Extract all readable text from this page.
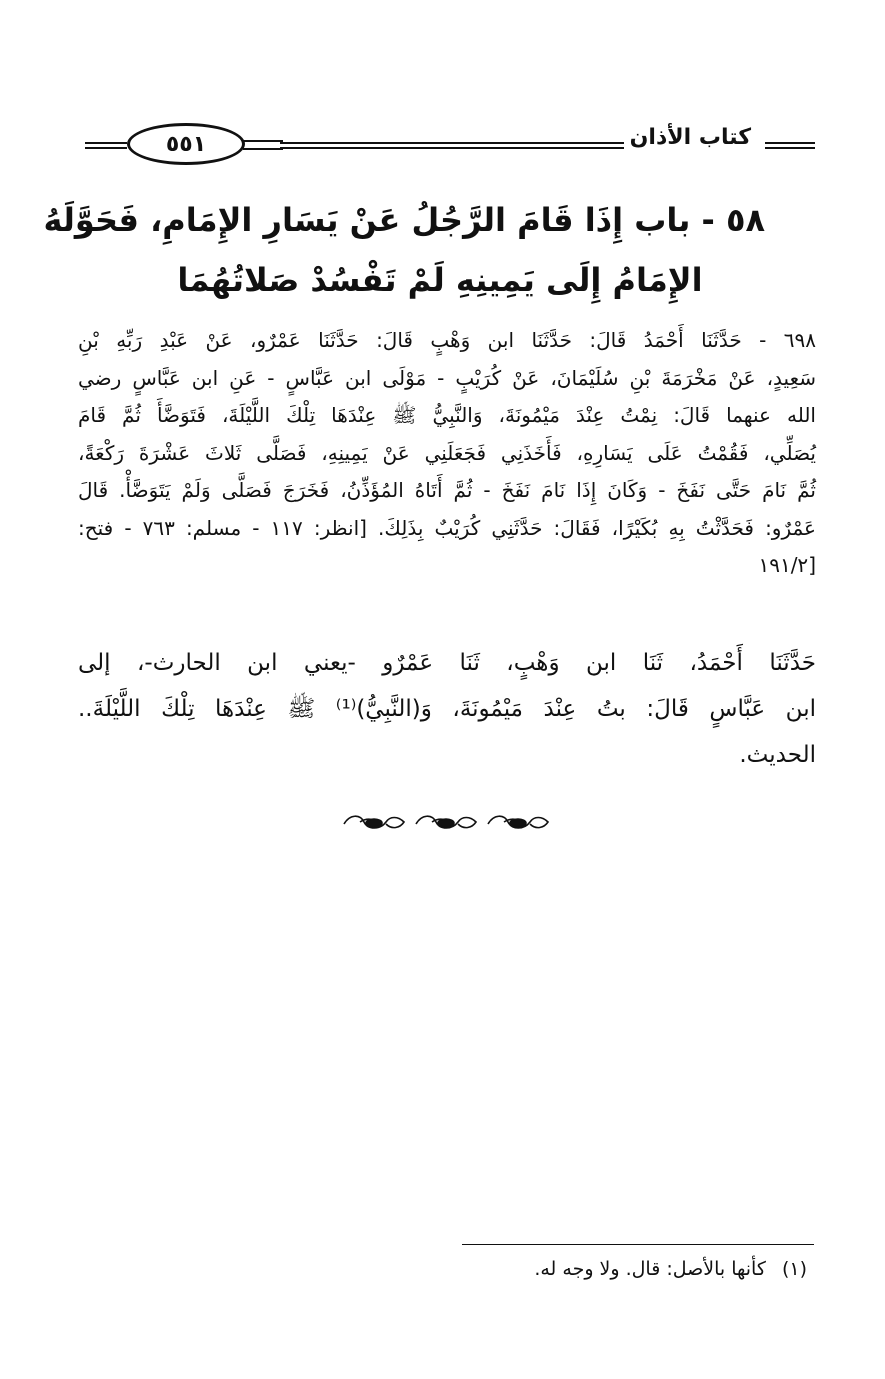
٥٥١	كتاب الأذان
٥٨ - باب إِذَا قَامَ الرَّجُلُ عَنْ يَسَارِ الإِمَامِ، فَحَوَّلَهُ
الإِمَامُ إِلَى يَمِينِهِ لَمْ تَفْسُدْ صَلاتُهُمَا
٦٩٨ - حَدَّثَنَا أَحْمَدُ قَالَ: حَدَّثَنَا ابن وَهْبٍ قَالَ: حَدَّثَنَا عَمْرٌو، عَنْ عَبْدِ رَبِّهِ بْنِ
سَعِيدٍ، عَنْ مَخْرَمَةَ بْنِ سُلَيْمَانَ، عَنْ كُرَيْبٍ - مَوْلَى ابن عَبَّاسٍ - عَنِ ابن عَبَّاسٍ رضي
الله عنهما قَالَ: نِمْتُ عِنْدَ مَيْمُونَةَ، وَالنَّبِيُّ ﷺ عِنْدَهَا تِلْكَ اللَّيْلَةَ، فَتَوَضَّأَ ثُمَّ قَامَ
يُصَلِّي، فَقُمْتُ عَلَى يَسَارِهِ، فَأَخَذَنِي فَجَعَلَنِي عَنْ يَمِينِهِ، فَصَلَّى ثَلاثَ عَشْرَةَ رَكْعَةً،
ثُمَّ نَامَ حَتَّى نَفَخَ - وَكَانَ إِذَا نَامَ نَفَخَ - ثُمَّ أَتَاهُ المُؤَذِّنُ، فَخَرَجَ فَصَلَّى وَلَمْ يَتَوَضَّأْ. قَالَ
عَمْرٌو: فَحَدَّثْتُ بِهِ بُكَيْرًا، فَقَالَ: حَدَّثَنِي كُرَيْبٌ بِذَلِكَ. [انظر: ١١٧ - مسلم: ٧٦٣ - فتح:
[١٩١/٢
حَدَّثَنَا أَحْمَدُ، ثَنَا ابن وَهْبٍ، ثَنَا عَمْرٌو -يعني ابن الحارث-، إلى
ابن عَبَّاسٍ قَالَ: بتُ عِنْدَ مَيْمُونَةَ، وَ(النَّبِيُّ)⁽¹⁾ ﷺ عِنْدَهَا تِلْكَ اللَّيْلَةَ..
الحديث.
(١) كأنها بالأصل: قال. ولا وجه له.
